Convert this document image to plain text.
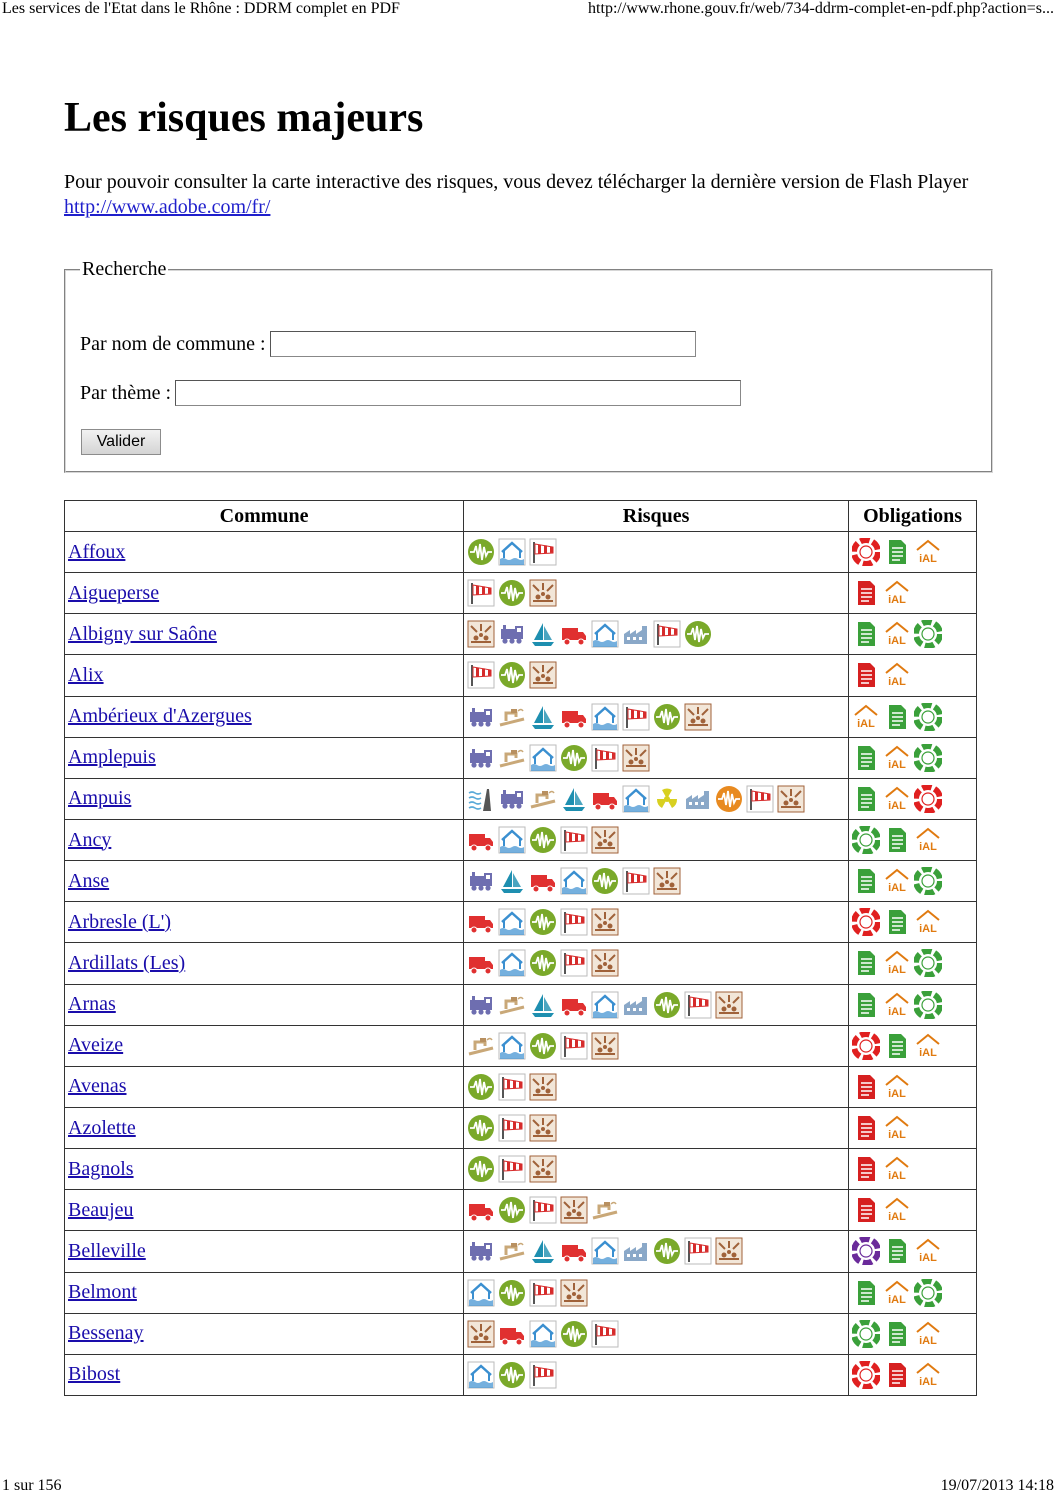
Les services de l'Etat dans le Rhône : DDRM complet en PDF	http://www.rhone.gouv.fr/web/734-ddrm-complet-en-pdf.php?action=s...
Les risques majeurs

Pour pouvoir consulter la carte interactive des risques, vous devez télécharger la dernière version de Flash Player
http://www.adobe.com/fr/

Recherche
Par nom de commune :
Par thème :
Valider
Commune	Risques	Obligations
Affoux		iAL

Aigueperse		iAL

Albigny sur Saône		iAL

Alix		iAL

Ambérieux d'Azergues		iAL

Amplepuis		iAL

Ampuis		iAL

Ancy		iAL

Anse		iAL

Arbresle (L')		iAL

Ardillats (Les)		iAL

Arnas		iAL

Aveize		iAL

Avenas		iAL

Azolette		iAL

Bagnols		iAL

Beaujeu		iAL

Belleville		iAL

Belmont		iAL

Bessenay		iAL

Bibost		iAL
1 sur 156	19/07/2013 14:18
